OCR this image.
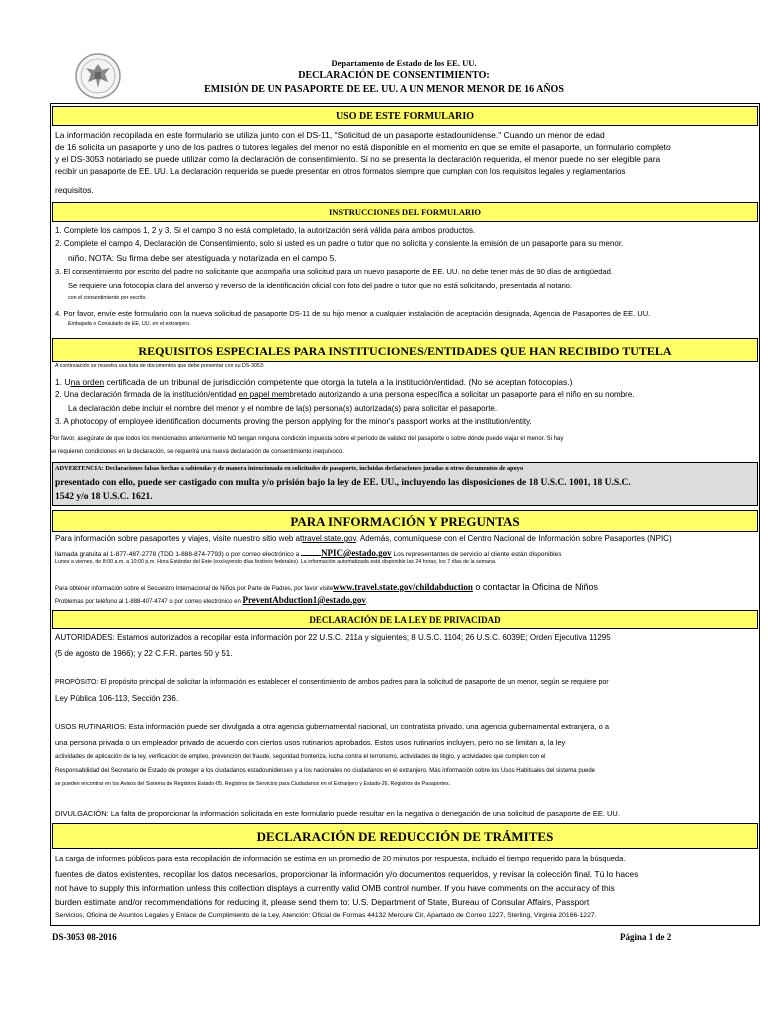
Departamento de Estado de los EE. UU.
DECLARACIÓN DE CONSENTIMIENTO:
EMISIÓN DE UN PASAPORTE DE EE. UU. A UN MENOR MENOR DE 16 AÑOS
USO DE ESTE FORMULARIO
La información recopilada en este formulario se utiliza junto con el DS-11, "Solicitud de un pasaporte estadounidense." Cuando un menor de edad
de 16 solicita un pasaporte y uno de los padres o tutores legales del menor no está disponible en el momento en que se emite el pasaporte, un formulario completo
y el DS-3053 notariado se puede utilizar como la declaración de consentimiento. Si no se presenta la declaración requerida, el menor puede no ser elegible para
recibir un pasaporte de EE. UU. La declaración requerida se puede presentar en otros formatos siempre que cumplan con los requisitos legales y reglamentarios
requisitos.
INSTRUCCIONES DEL FORMULARIO
1. Complete los campos 1, 2 y 3. Si el campo 3 no está completado, la autorización será válida para ambos productos.
2. Complete el campo 4, Declaración de Consentimiento, solo si usted es un padre o tutor que no solicita y consiente la emisión de un pasaporte para su menor.
niño. NOTA: Su firma debe ser atestiguada y notarizada en el campo 5.
3. El consentimiento por escrito del padre no solicitante que acompaña una solicitud para un nuevo pasaporte de EE. UU. no debe tener más de 90 días de antigüedad.
Se requiere una fotocopia clara del anverso y reverso de la identificación oficial con foto del padre o tutor que no está solicitando, presentada al notario.
con el consentimiento por escrito.
4. Por favor, envíe este formulario con la nueva solicitud de pasaporte DS-11 de su hijo menor a cualquier instalación de aceptación designada, Agencia de Pasaportes de EE. UU.
Embajada o Consulado de EE. UU. en el extranjero.
REQUISITOS ESPECIALES PARA INSTITUCIONES/ENTIDADES QUE HAN RECIBIDO TUTELA
A continuación se muestra una lista de documentos que debe presentar con su DS-3053:
1. Una orden certificada de un tribunal de jurisdicción competente que otorga la tutela a la institución/entidad. (No se aceptan fotocopias.)
2. Una declaración firmada de la institución/entidad en papel membretado autorizando a una persona específica a solicitar un pasaporte para el niño en su nombre.
La declaración debe incluir el nombre del menor y el nombre de la(s) persona(s) autorizada(s) para solicitar el pasaporte.
3. A photocopy of employee identification documents proving the person applying for the minor's passport works at the institution/entity.
Por favor, asegúrate de que todos los mencionados anteriormente NO tengan ninguna condición impuesta sobre el período de validez del pasaporte o sobre dónde puede viajar el menor. Si hay
se requieren condiciones en la declaración, se requerirá una nueva declaración de consentimiento inequívoco.
ADVERTENCIA: Declaraciones falsas hechas a sabiendas y de manera intencionada en solicitudes de pasaporte, incluidas declaraciones juradas u otros documentos de apoyo
presentado con ello, puede ser castigado con multa y/o prisión bajo la ley de EE. UU., incluyendo las disposiciones de 18 U.S.C. 1001, 18 U.S.C.
1542 y/o 18 U.S.C. 1621.
PARA INFORMACIÓN Y PREGUNTAS
Para información sobre pasaportes y viajes, visite nuestro sitio web attravel.state.gov. Además, comuníquese con el Centro Nacional de Información sobre Pasaportes (NPIC)
llamada gratuita al 1-877-487-2778 (TDD 1-888-874-7793) o por correo electrónico a NPIC@estado.gov Los representantes de servicio al cliente están disponibles
Lunes a viernes, de 8:00 a.m. a 10:00 p.m. Hora Estándar del Este (excluyendo días festivos federales). La información automatizada está disponible las 24 horas, los 7 días de la semana.
Para obtener información sobre el Secuestro Internacional de Niños por Parte de Padres, por favor visitewww.travel.state.gov/childabduction o contactar la Oficina de Niños
Problemas por teléfono al 1-888-407-4747 o por correo electrónico en PreventAbduction1@estado.gov.
DECLARACIÓN DE LA LEY DE PRIVACIDAD
AUTORIDADES: Estamos autorizados a recopilar esta información por 22 U.S.C. 211a y siguientes; 8 U.S.C. 1104; 26 U.S.C. 6039E; Orden Ejecutiva 11295
(5 de agosto de 1966); y 22 C.F.R. partes 50 y 51.
PROPÓSITO: El propósito principal de solicitar la información es establecer el consentimiento de ambos padres para la solicitud de pasaporte de un menor, según se requiere por
Ley Pública 106-113, Sección 236.
USOS RUTINARIOS: Esta información puede ser divulgada a otra agencia gubernamental nacional, un contratista privado, una agencia gubernamental extranjera, o a
una persona privada o un empleador privado de acuerdo con ciertos usos rutinarios aprobados. Estos usos rutinarios incluyen, pero no se limitan a, la ley
actividades de aplicación de la ley, verificación de empleo, prevención del fraude, seguridad fronteriza, lucha contra el terrorismo, actividades de litigio, y actividades que cumplen con el
Responsabilidad del Secretario de Estado de proteger a los ciudadanos estadounidenses y a los nacionales no ciudadanos en el extranjero. Más información sobre los Usos Habituales del sistema puede
se pueden encontrar en los Avisos del Sistema de Registros Estado-05, Registros de Servicios para Ciudadanos en el Extranjero y Estado-26, Registros de Pasaportes.
DIVULGACIÓN: La falta de proporcionar la información solicitada en este formulario puede resultar en la negativa o denegación de una solicitud de pasaporte de EE. UU.
DECLARACIÓN DE REDUCCIÓN DE TRÁMITES
La carga de informes públicos para esta recopilación de información se estima en un promedio de 20 minutos por respuesta, incluido el tiempo requerido para la búsqueda.
fuentes de datos existentes, recopilar los datos necesarios, proporcionar la información y/o documentos requeridos, y revisar la colección final. Tú lo haces
not have to supply this information unless this collection displays a currently valid OMB control number. If you have comments on the accuracy of this
burden estimate and/or recommendations for reducing it, please send them to: U.S. Department of State, Bureau of Consular Affairs, Passport
Servicios, Oficina de Asuntos Legales y Enlace de Cumplimiento de la Ley, Atención: Oficial de Formas 44132 Mercure Cir, Apartado de Correo 1227, Sterling, Virginia 20166-1227.
DS-3053 08-2016	Página 1 de 2
